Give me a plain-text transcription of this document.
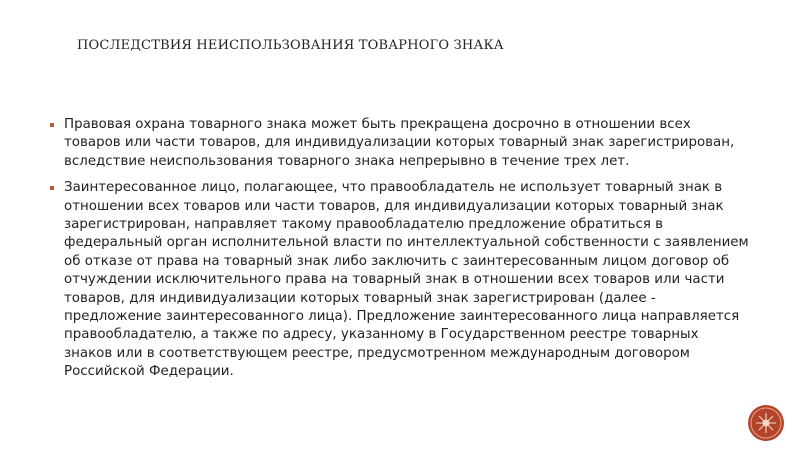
ПОСЛЕДСТВИЯ НЕИСПОЛЬЗОВАНИЯ ТОВАРНОГО ЗНАКА
Правовая охрана товарного знака может быть прекращена досрочно в отношении всех товаров или части товаров, для индивидуализации которых товарный знак зарегистрирован, вследствие неиспользования товарного знака непрерывно в течение трех лет.
Заинтересованное лицо, полагающее, что правообладатель не использует товарный знак в отношении всех товаров или части товаров, для индивидуализации которых товарный знак зарегистрирован, направляет такому правообладателю предложение обратиться в федеральный орган исполнительной власти по интеллектуальной собственности с заявлением об отказе от права на товарный знак либо заключить с заинтересованным лицом договор об отчуждении исключительного права на товарный знак в отношении всех товаров или части товаров, для индивидуализации которых товарный знак зарегистрирован (далее - предложение заинтересованного лица). Предложение заинтересованного лица направляется правообладателю, а также по адресу, указанному в Государственном реестре товарных знаков или в соответствующем реестре, предусмотренном международным договором Российской Федерации.
